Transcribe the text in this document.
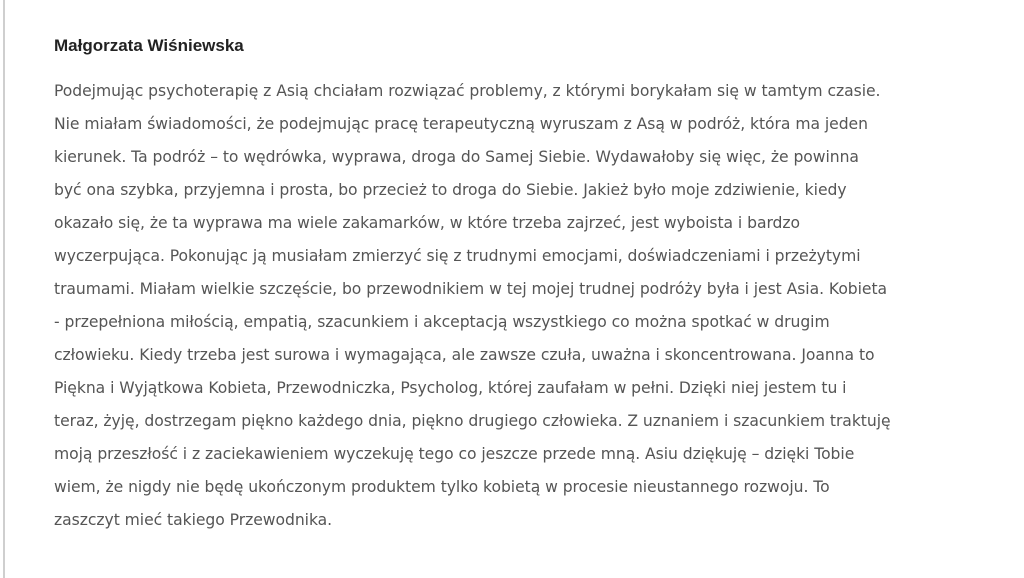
Małgorzata Wiśniewska

Podejmując psychoterapię z Asią chciałam rozwiązać problemy, z którymi borykałam się w tamtym czasie.
Nie miałam świadomości, że podejmując pracę terapeutyczną wyruszam z Asą w podróż, która ma jeden
kierunek. Ta podróż – to wędrówka, wyprawa, droga do Samej Siebie. Wydawałoby się więc, że powinna
być ona szybka, przyjemna i prosta, bo przecież to droga do Siebie. Jakież było moje zdziwienie, kiedy
okazało się, że ta wyprawa ma wiele zakamarków, w które trzeba zajrzeć, jest wyboista i bardzo
wyczerpująca. Pokonując ją musiałam zmierzyć się z trudnymi emocjami, doświadczeniami i przeżytymi
traumami. Miałam wielkie szczęście, bo przewodnikiem w tej mojej trudnej podróży była i jest Asia. Kobieta
- przepełniona miłością, empatią, szacunkiem i akceptacją wszystkiego co można spotkać w drugim
człowieku. Kiedy trzeba jest surowa i wymagająca, ale zawsze czuła, uważna i skoncentrowana. Joanna to
Piękna i Wyjątkowa Kobieta, Przewodniczka, Psycholog, której zaufałam w pełni. Dzięki niej jestem tu i
teraz, żyję, dostrzegam piękno każdego dnia, piękno drugiego człowieka. Z uznaniem i szacunkiem traktuję
moją przeszłość i z zaciekawieniem wyczekuję tego co jeszcze przede mną. Asiu dziękuję – dzięki Tobie
wiem, że nigdy nie będę ukończonym produktem tylko kobietą w procesie nieustannego rozwoju. To
zaszczyt mieć takiego Przewodnika.
